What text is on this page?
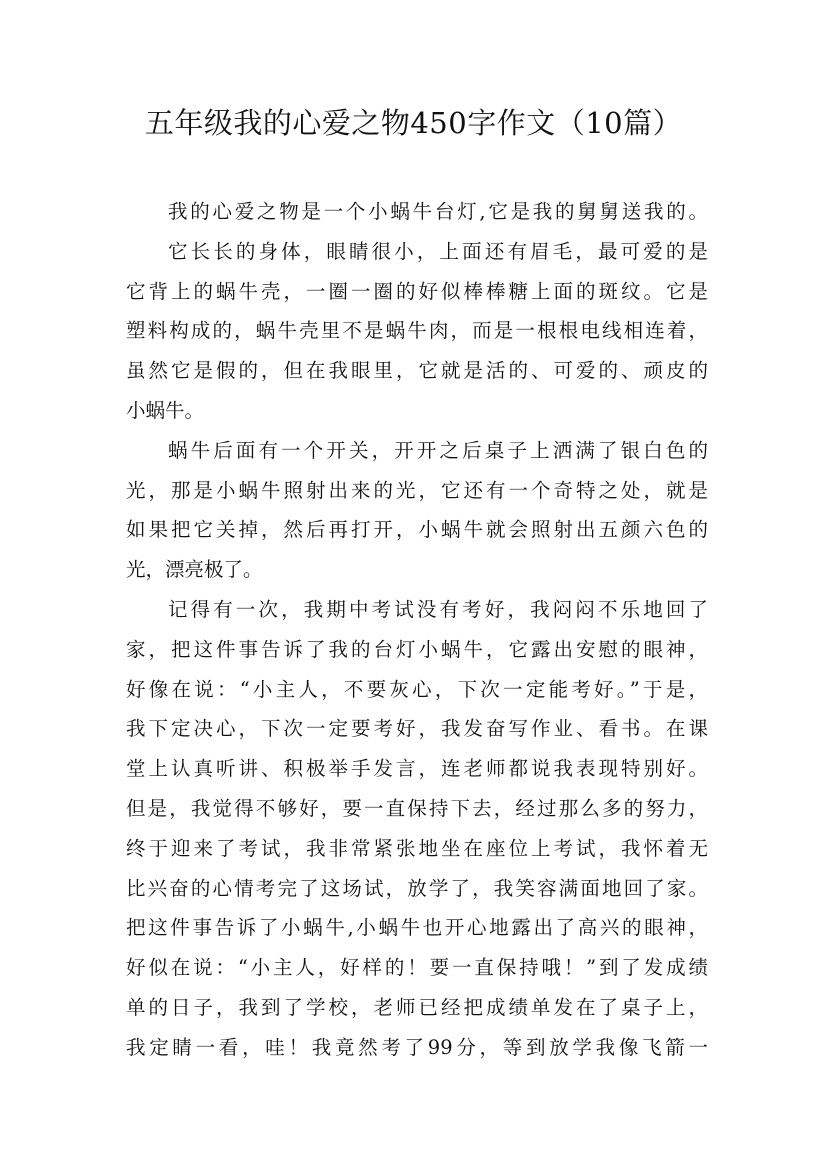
五年级我的心爱之物450字作文（10篇）
我的心爱之物是一个小蜗牛台灯,它是我的舅舅送我的。
它长长的身体，眼睛很小，上面还有眉毛，最可爱的是
它背上的蜗牛壳，一圈一圈的好似棒棒糖上面的斑纹。它是
塑料构成的，蜗牛壳里不是蜗牛肉，而是一根根电线相连着，
虽然它是假的，但在我眼里，它就是活的、可爱的、顽皮的
小蜗牛。
蜗牛后面有一个开关，开开之后桌子上洒满了银白色的
光，那是小蜗牛照射出来的光，它还有一个奇特之处，就是
如果把它关掉，然后再打开，小蜗牛就会照射出五颜六色的
光，漂亮极了。
记得有一次，我期中考试没有考好，我闷闷不乐地回了
家，把这件事告诉了我的台灯小蜗牛，它露出安慰的眼神，
好像在说：“小主人，不要灰心，下次一定能考好。”于是，
我下定决心，下次一定要考好，我发奋写作业、看书。在课
堂上认真听讲、积极举手发言，连老师都说我表现特别好。
但是，我觉得不够好，要一直保持下去，经过那么多的努力，
终于迎来了考试，我非常紧张地坐在座位上考试，我怀着无
比兴奋的心情考完了这场试，放学了，我笑容满面地回了家。
把这件事告诉了小蜗牛,小蜗牛也开心地露出了高兴的眼神，
好似在说：“小主人，好样的！要一直保持哦！”到了发成绩
单的日子，我到了学校，老师已经把成绩单发在了桌子上，
我定睛一看，哇！我竟然考了99分，等到放学我像飞箭一
